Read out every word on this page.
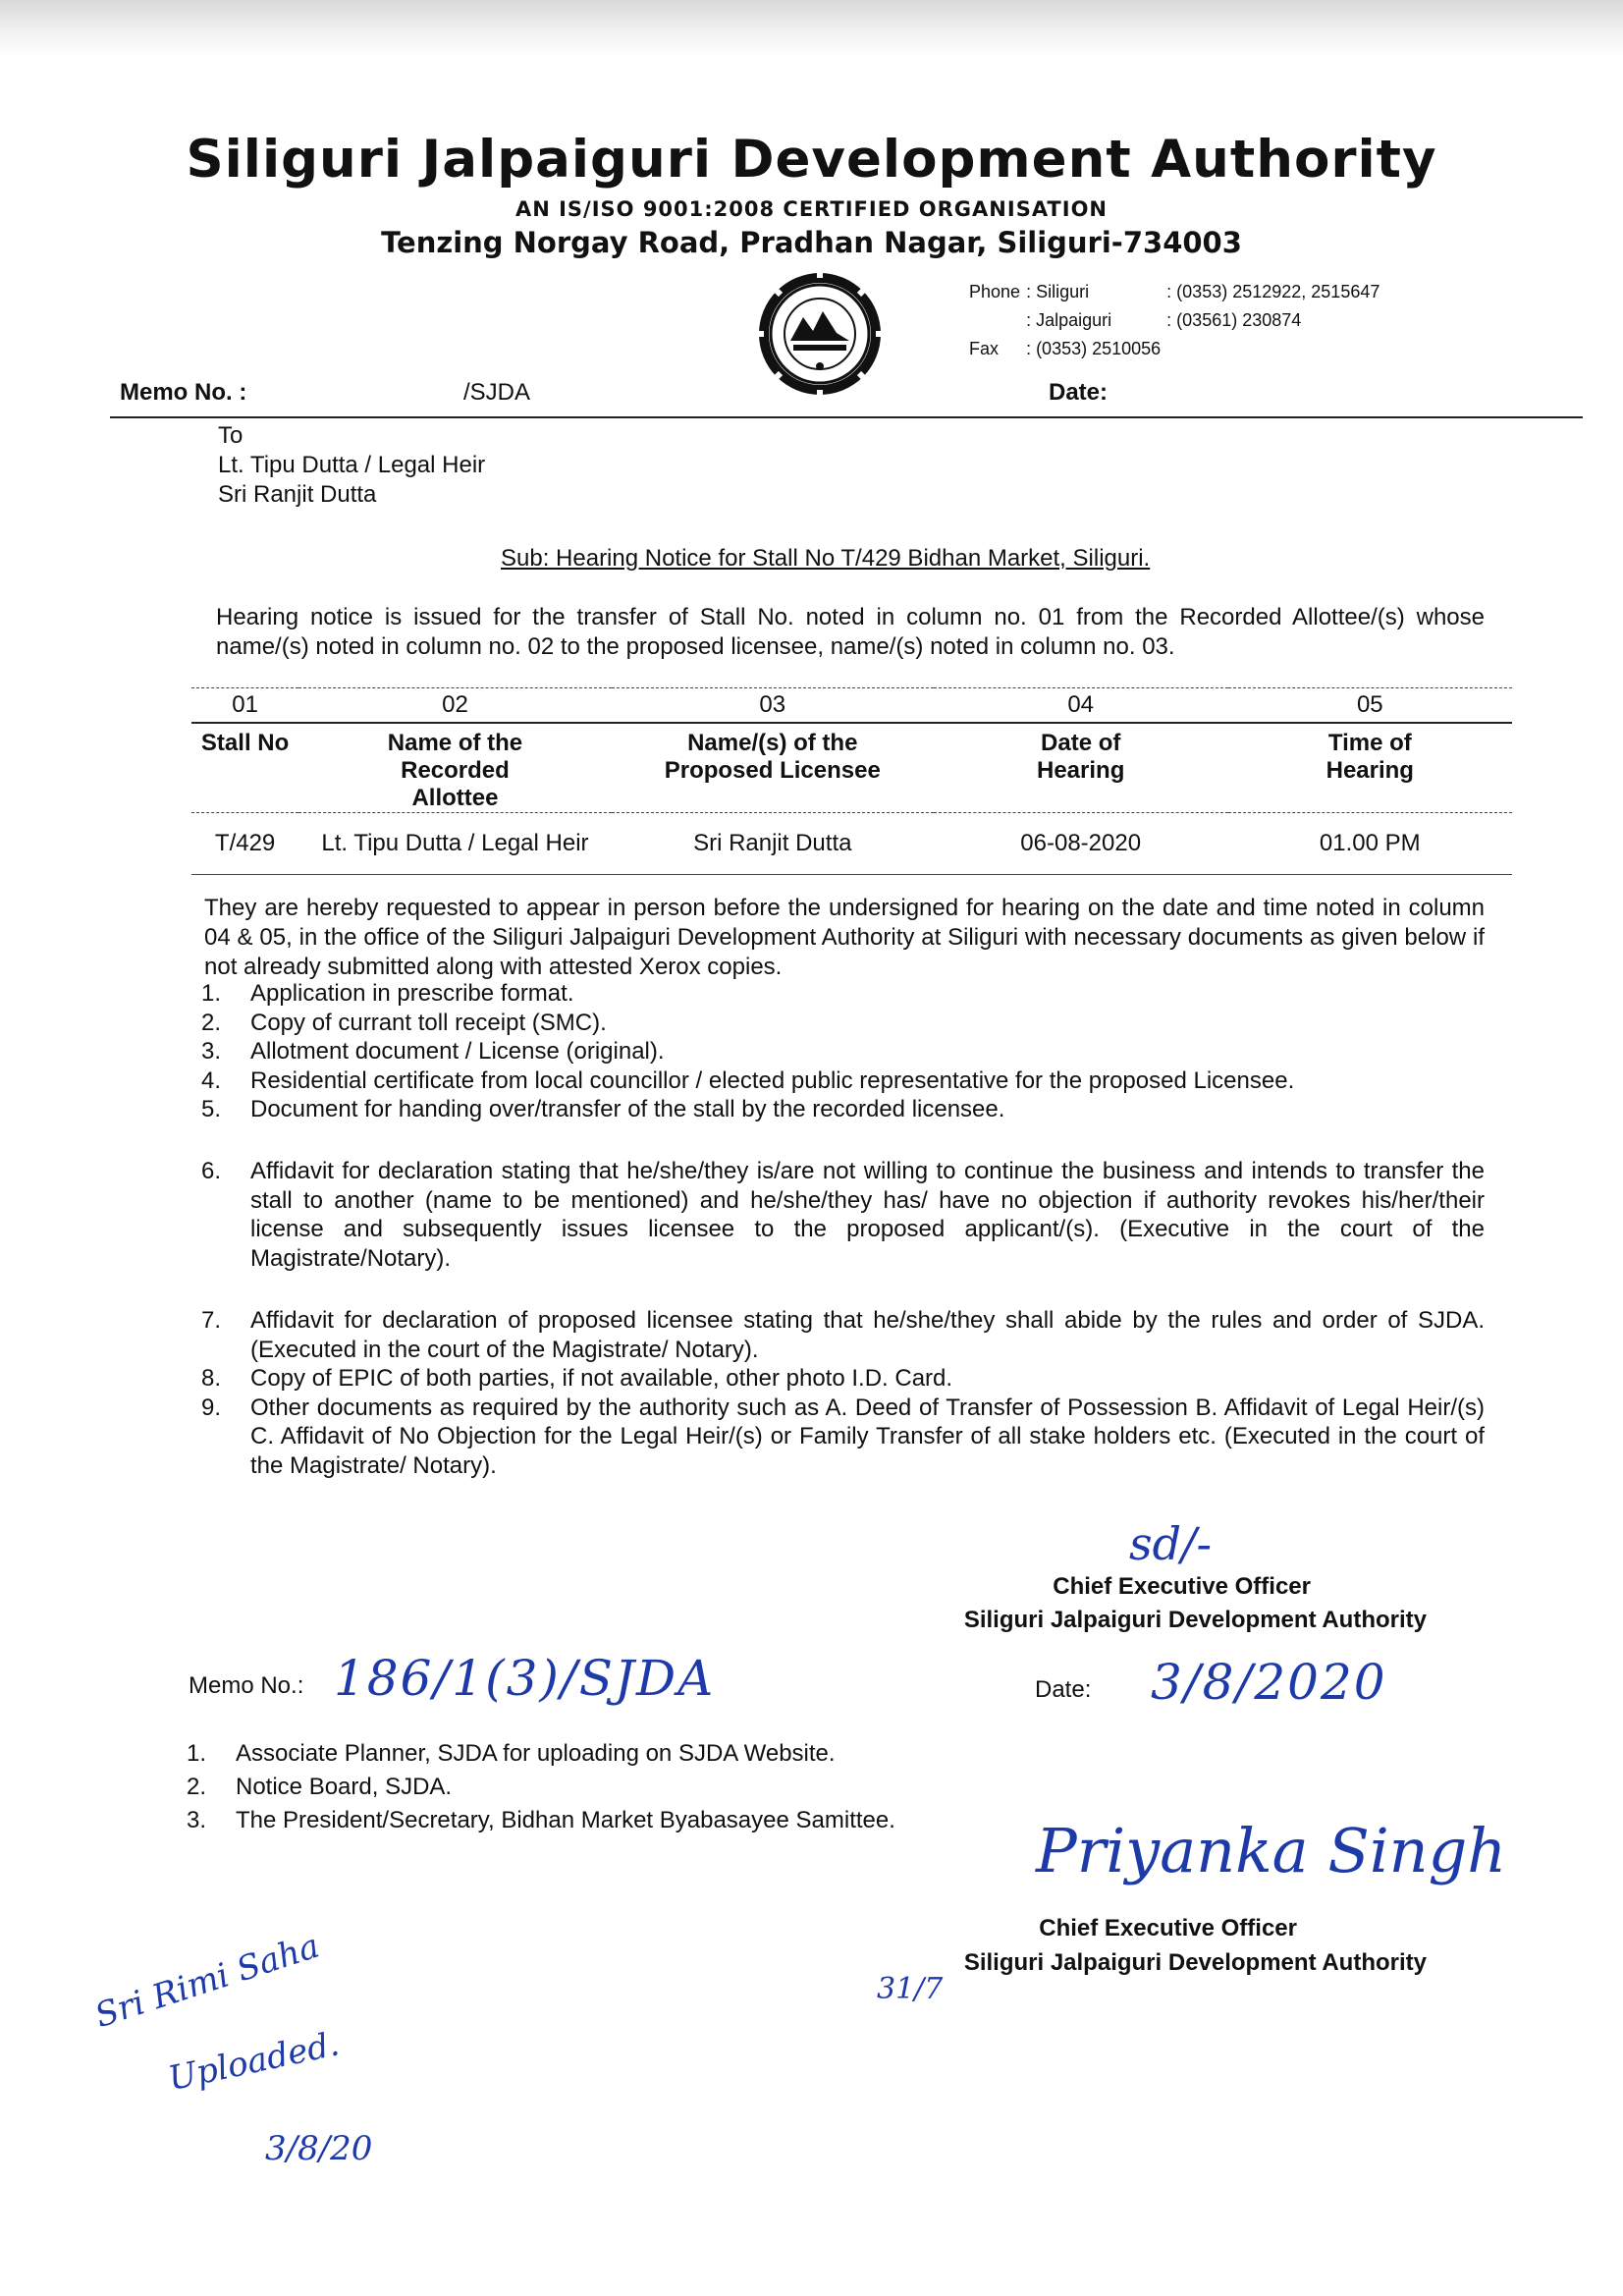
Siliguri Jalpaiguri Development Authority
AN IS/ISO 9001:2008 CERTIFIED ORGANISATION
Tenzing Norgay Road, Pradhan Nagar, Siliguri-734003
Phone	: Siliguri	: (0353) 2512922, 2515647
	: Jalpaiguri	: (03561) 230874
Fax	: (0353) 2510056	
Memo No. :	/SJDA	Date:
To
Lt. Tipu Dutta / Legal Heir
Sri Ranjit Dutta
Sub: Hearing Notice for Stall No T/429 Bidhan Market, Siliguri.
Hearing notice is issued for the transfer of Stall No. noted in column no. 01 from the Recorded Allottee/(s) whose name/(s) noted in column no. 02 to the proposed licensee, name/(s) noted in column no. 03.
01	02	03	04	05
Stall No	Name of the Recorded Allottee	Name/(s) of the Proposed Licensee	Date of Hearing	Time of Hearing
T/429	Lt. Tipu Dutta / Legal Heir	Sri Ranjit Dutta	06-08-2020	01.00 PM
They are hereby requested to appear in person before the undersigned for hearing on the date and time noted in column 04 & 05, in the office of the Siliguri Jalpaiguri Development Authority at Siliguri with necessary documents as given below if not already submitted along with attested Xerox copies.
1.	Application in prescribe format.
2.	Copy of currant toll receipt (SMC).
3.	Allotment document / License (original).
4.	Residential certificate from local councillor / elected public representative for the proposed Licensee.
5.	Document for handing over/transfer of the stall by the recorded licensee.
6.	Affidavit for declaration stating that he/she/they is/are not willing to continue the business and intends to transfer the stall to another (name to be mentioned) and he/she/they has/ have no objection if authority revokes his/her/their license and subsequently issues licensee to the proposed applicant/(s). (Executive in the court of the Magistrate/Notary).
7.	Affidavit for declaration of proposed licensee stating that he/she/they shall abide by the rules and order of SJDA. (Executed in the court of the Magistrate/ Notary).
8.	Copy of EPIC of both parties, if not available, other photo I.D. Card.
9.	Other documents as required by the authority such as A. Deed of Transfer of Possession B. Affidavit of Legal Heir/(s) C. Affidavit of No Objection for the Legal Heir/(s) or Family Transfer of all stake holders etc. (Executed in the court of the Magistrate/ Notary).
sd/-
Chief Executive Officer
Siliguri Jalpaiguri Development Authority
Memo No.: 186/1(3)/SJDA	Date: 3/8/2020
1.	Associate Planner, SJDA for uploading on SJDA Website.
2.	Notice Board, SJDA.
3.	The President/Secretary, Bidhan Market Byabasayee Samittee. Priyanka Singh
Chief Executive Officer
Siliguri Jalpaiguri Development Authority
31/7
Sri Rimi Saha
Uploaded.
3/8/20
